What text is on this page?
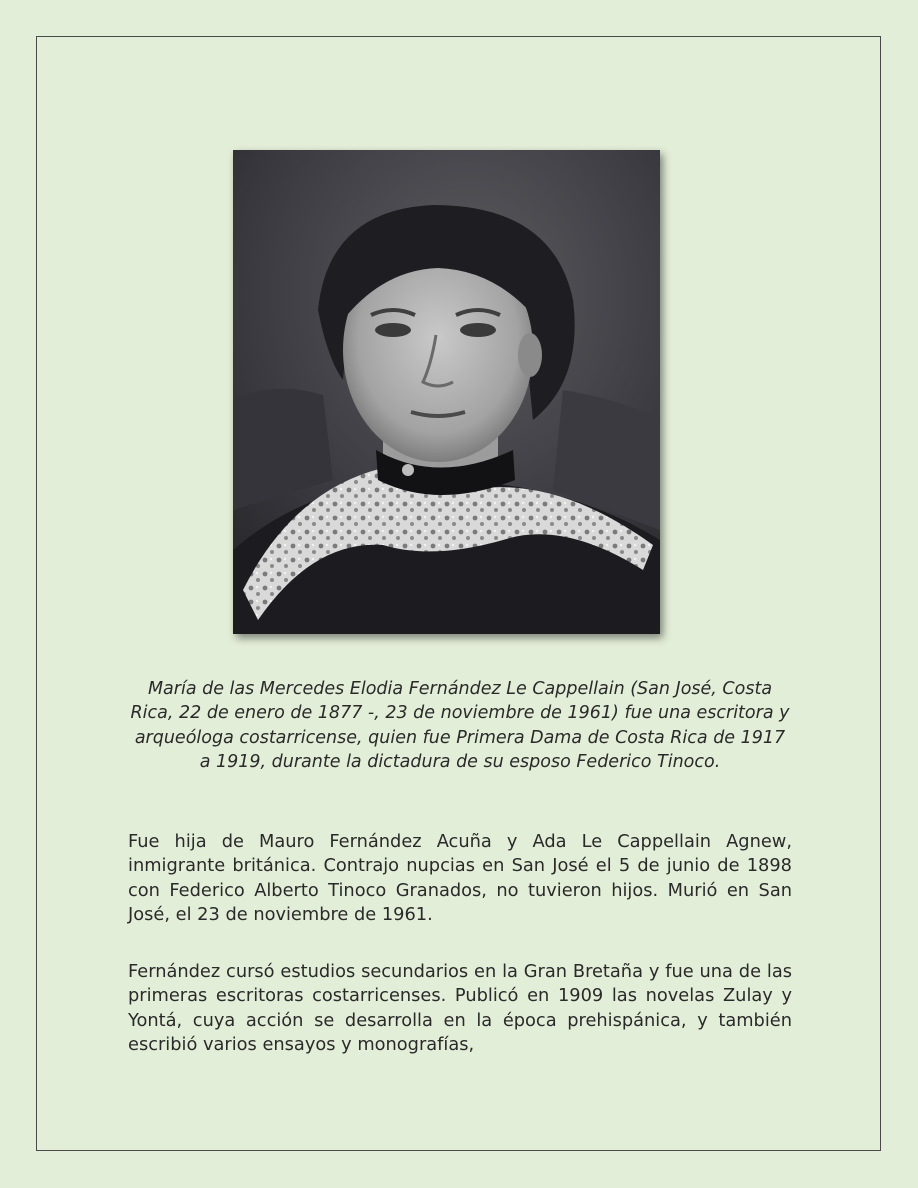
María de las Mercedes Elodia Fernández Le Cappellain (San José, Costa Rica, 22 de enero de 1877 -, 23 de noviembre de 1961) fue una escritora y arqueóloga costarricense, quien fue Primera Dama de Costa Rica de 1917 a 1919, durante la dictadura de su esposo Federico Tinoco.

Fue hija de Mauro Fernández Acuña y Ada Le Cappellain Agnew, inmigrante británica. Contrajo nupcias en San José el 5 de junio de 1898 con Federico Alberto Tinoco Granados, no tuvieron hijos. Murió en San José, el 23 de noviembre de 1961.

Fernández cursó estudios secundarios en la Gran Bretaña y fue una de las primeras escritoras costarricenses. Publicó en 1909 las novelas Zulay y Yontá, cuya acción se desarrolla en la época prehispánica, y también escribió varios ensayos y monografías,
